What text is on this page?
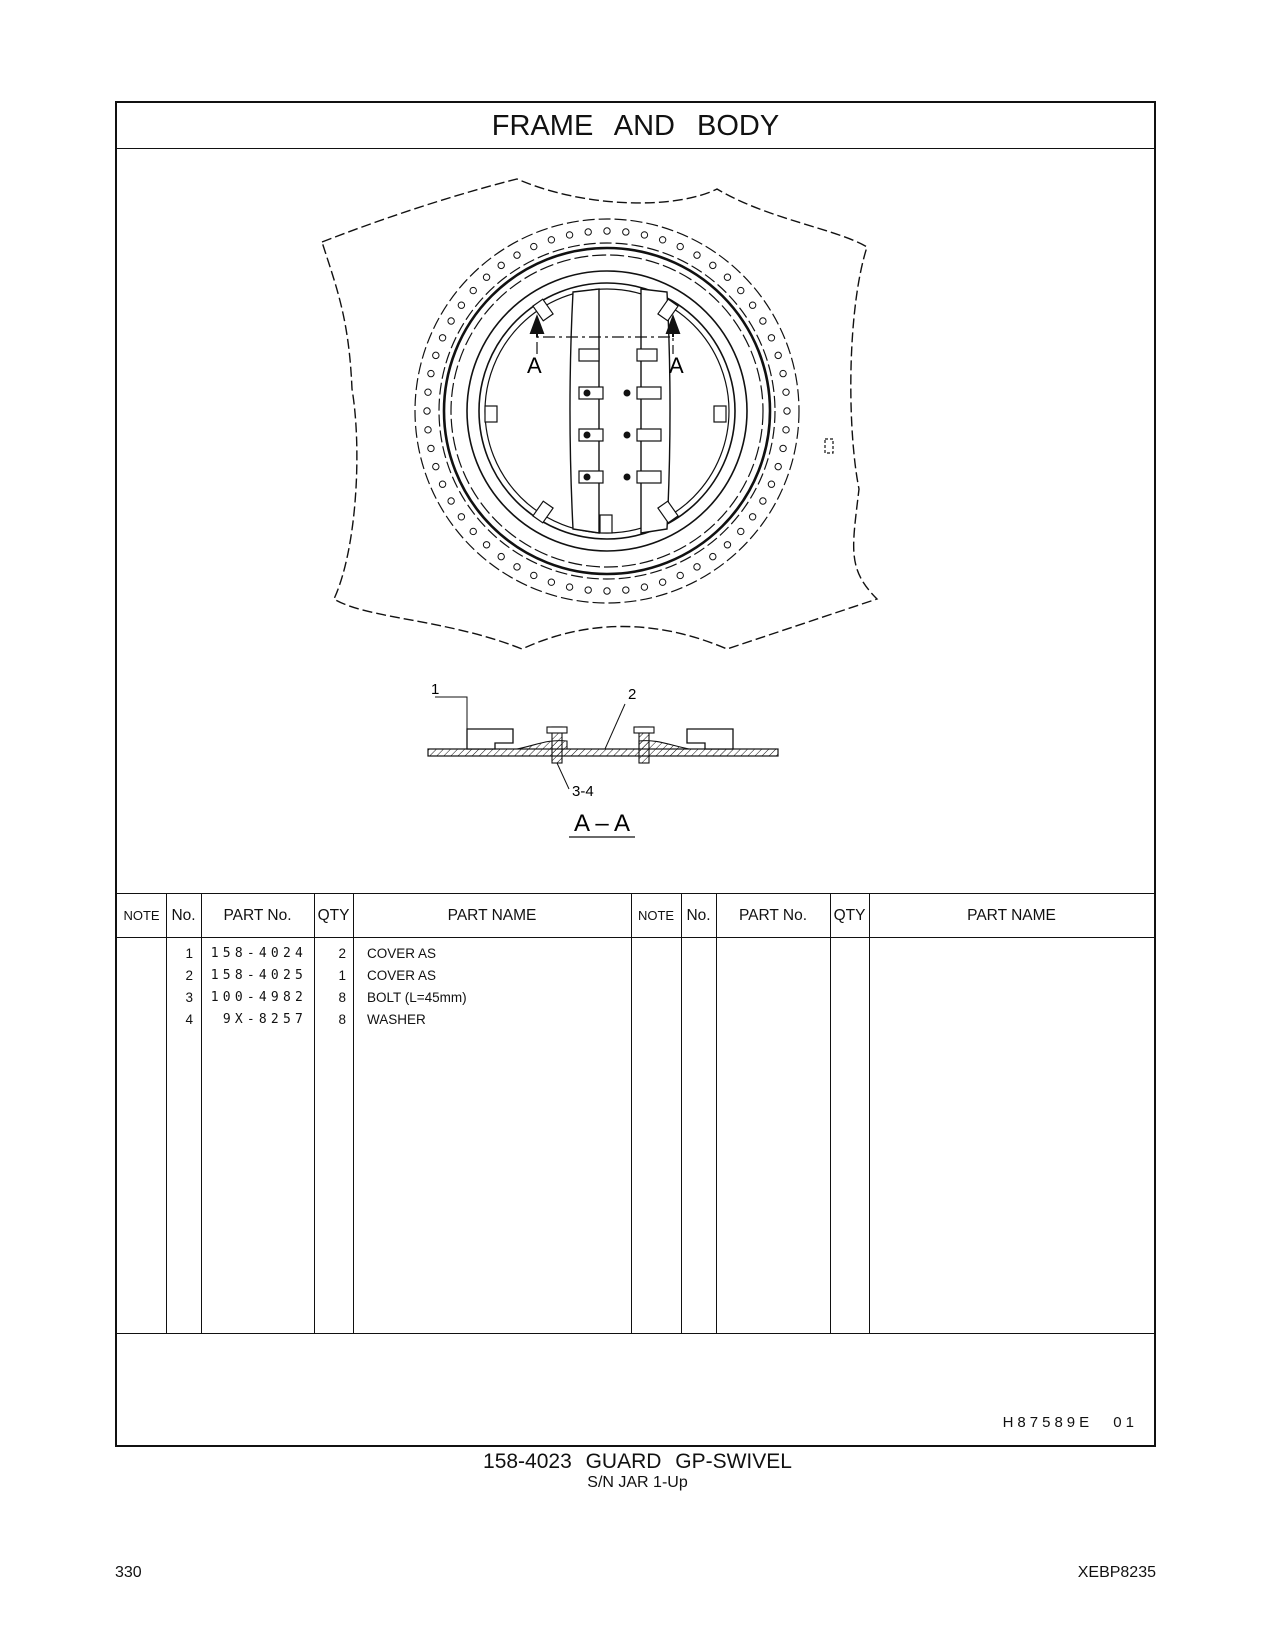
FRAME AND BODY
A	A
1	2
3-4
A – A
NOTE No.	PART No.	QTY	PART NAME	NOTE No.	PART No.	QTY	PART NAME
1 158-4024	2 COVER AS
2 158-4025	1 COVER AS
3 100-4982	8 BOLT (L=45mm)
4	9X-8257	8 WASHER
H87589E 01
158-4023 GUARD GP-SWIVEL
S/N JAR 1-Up
330	XEBP8235
